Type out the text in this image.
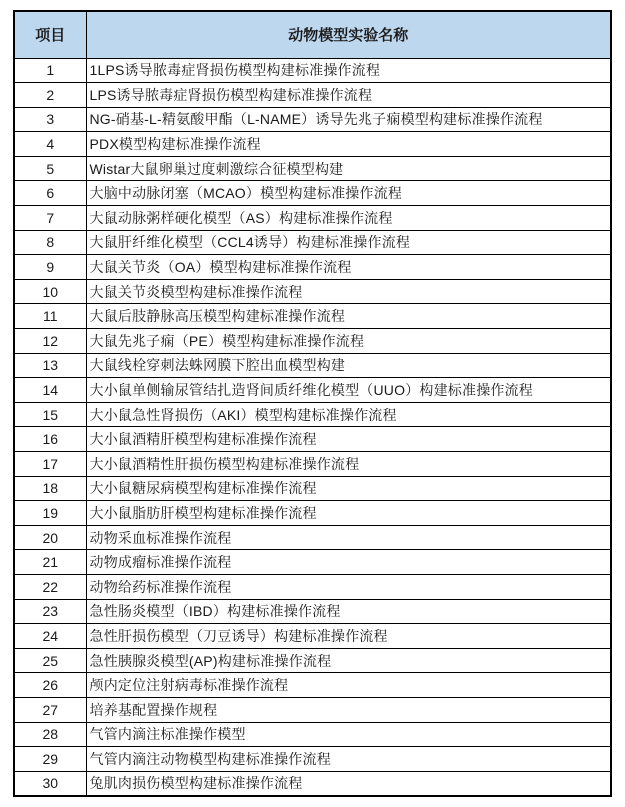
项目	动物模型实验名称
1	1LPS诱导脓毒症肾损伤模型构建标准操作流程
2	LPS诱导脓毒症肾损伤模型构建标准操作流程
3	NG-硝基-L-精氨酸甲酯（L-NAME）诱导先兆子痫模型构建标准操作流程
4	PDX模型构建标准操作流程
5	Wistar大鼠卵巢过度刺激综合征模型构建
6	大脑中动脉闭塞（MCAO）模型构建标准操作流程
7	大鼠动脉粥样硬化模型（AS）构建标准操作流程
8	大鼠肝纤维化模型（CCL4诱导）构建标准操作流程
9	大鼠关节炎（OA）模型构建标准操作流程
10	大鼠关节炎模型构建标准操作流程
11	大鼠后肢静脉高压模型构建标准操作流程
12	大鼠先兆子痫（PE）模型构建标准操作流程
13	大鼠线栓穿刺法蛛网膜下腔出血模型构建
14	大小鼠单侧输尿管结扎造肾间质纤维化模型（UUO）构建标准操作流程
15	大小鼠急性肾损伤（AKI）模型构建标准操作流程
16	大小鼠酒精肝模型构建标准操作流程
17	大小鼠酒精性肝损伤模型构建标准操作流程
18	大小鼠糖尿病模型构建标准操作流程
19	大小鼠脂肪肝模型构建标准操作流程
20	动物采血标准操作流程
21	动物成瘤标准操作流程
22	动物给药标准操作流程
23	急性肠炎模型（IBD）构建标准操作流程
24	急性肝损伤模型（刀豆诱导）构建标准操作流程
25	急性胰腺炎模型(AP)构建标准操作流程
26	颅内定位注射病毒标准操作流程
27	培养基配置操作规程
28	气管内滴注标准操作模型
29	气管内滴注动物模型构建标准操作流程
30	兔肌肉损伤模型构建标准操作流程
